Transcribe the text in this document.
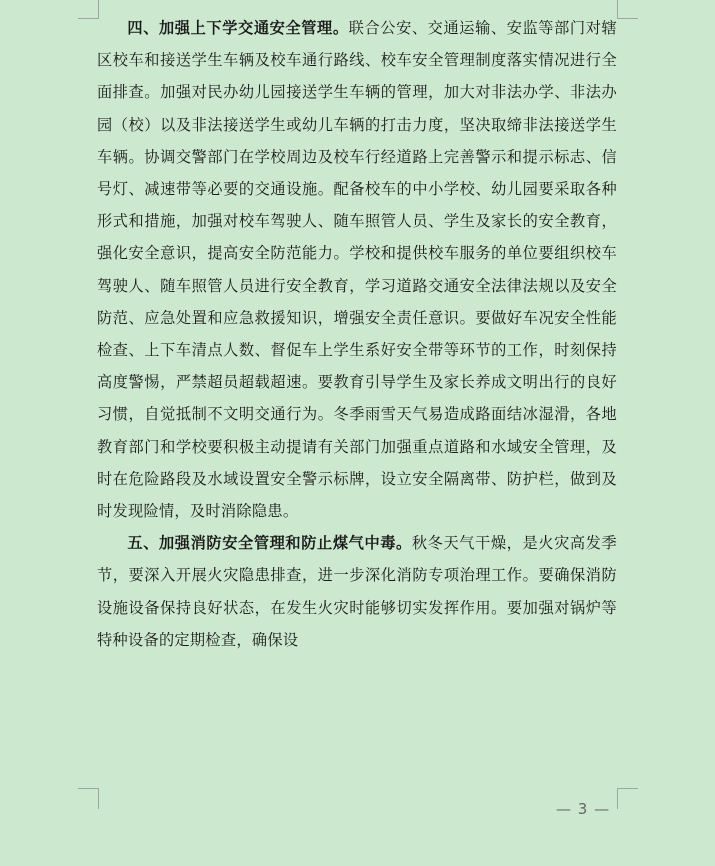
四、加强上下学交通安全管理。联合公安、交通运输、安监等部门对辖区校车和接送学生车辆及校车通行路线、校车安全管理制度落实情况进行全面排查。加强对民办幼儿园接送学生车辆的管理，加大对非法办学、非法办园（校）以及非法接送学生或幼儿车辆的打击力度，坚决取缔非法接送学生车辆。协调交警部门在学校周边及校车行经道路上完善警示和提示标志、信号灯、减速带等必要的交通设施。配备校车的中小学校、幼儿园要采取各种形式和措施，加强对校车驾驶人、随车照管人员、学生及家长的安全教育，强化安全意识，提高安全防范能力。学校和提供校车服务的单位要组织校车驾驶人、随车照管人员进行安全教育，学习道路交通安全法律法规以及安全防范、应急处置和应急救援知识，增强安全责任意识。要做好车况安全性能检查、上下车清点人数、督促车上学生系好安全带等环节的工作，时刻保持高度警惕，严禁超员超载超速。要教育引导学生及家长养成文明出行的良好习惯，自觉抵制不文明交通行为。冬季雨雪天气易造成路面结冰湿滑，各地教育部门和学校要积极主动提请有关部门加强重点道路和水域安全管理，及时在危险路段及水域设置安全警示标牌，设立安全隔离带、防护栏，做到及时发现险情，及时消除隐患。

五、加强消防安全管理和防止煤气中毒。秋冬天气干燥，是火灾高发季节，要深入开展火灾隐患排查，进一步深化消防专项治理工作。要确保消防设施设备保持良好状态，在发生火灾时能够切实发挥作用。要加强对锅炉等特种设备的定期检查，确保设

— 3 —
